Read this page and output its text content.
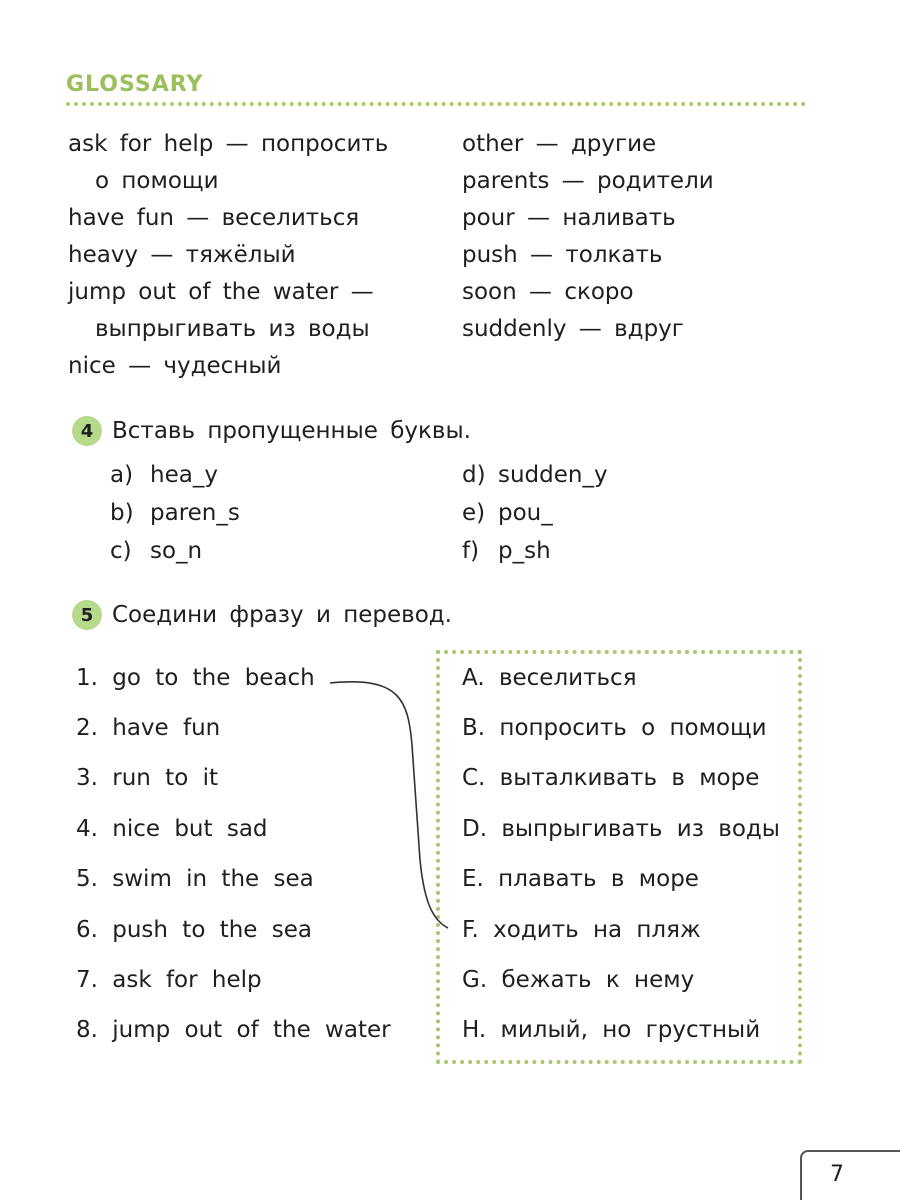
GLOSSARY
ask for help — попросить
о помощи
have fun — веселиться
heavy — тяжёлый
jump out of the water —
выпрыгивать из воды
nice — чудесный
other — другие
parents — родители
pour — наливать
push — толкать
soon — скоро
suddenly — вдруг
4 Вставь пропущенные буквы.
a) hea_y
b) paren_s
c) so_n
d) sudden_y
e) pou_
f) p_sh
5 Соедини фразу и перевод.
1. go to the beach
2. have fun
3. run to it
4. nice but sad
5. swim in the sea
6. push to the sea
7. ask for help
8. jump out of the water
A. веселиться
B. попросить о помощи
C. выталкивать в море
D. выпрыгивать из воды
E. плавать в море
F. ходить на пляж
G. бежать к нему
H. милый, но грустный
7
